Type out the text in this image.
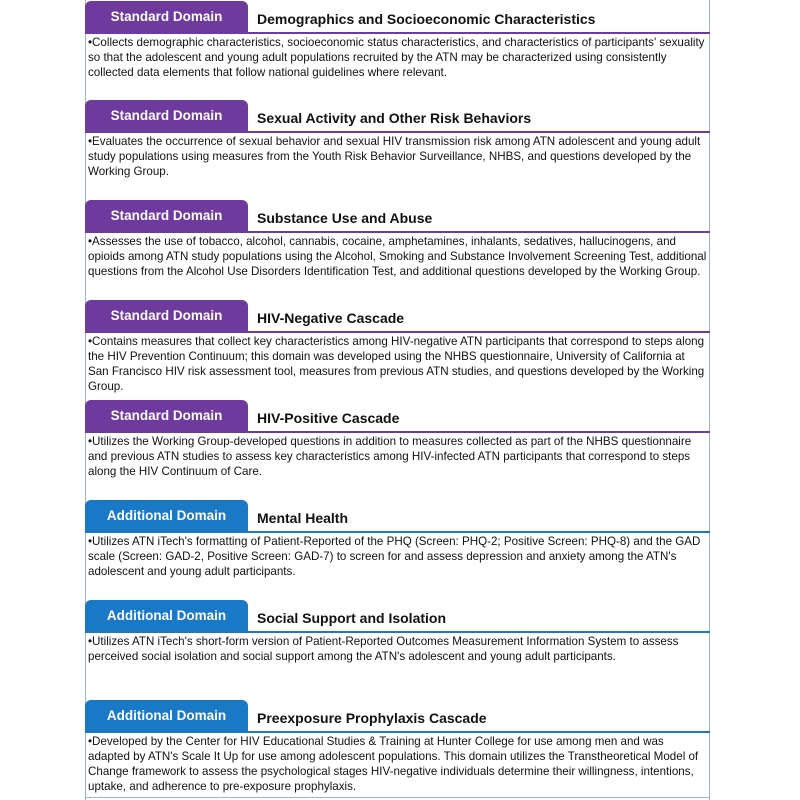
Standard Domain	Demographics and Socioeconomic Characteristics

•Collects demographic characteristics, socioeconomic status characteristics, and characteristics of participants' sexuality so that the adolescent and young adult populations recruited by the ATN may be characterized using consistently collected data elements that follow national guidelines where relevant.

Standard Domain	Sexual Activity and Other Risk Behaviors

•Evaluates the occurrence of sexual behavior and sexual HIV transmission risk among ATN adolescent and young adult study populations using measures from the Youth Risk Behavior Surveillance, NHBS, and questions developed by the Working Group.

Standard Domain	Substance Use and Abuse

•Assesses the use of tobacco, alcohol, cannabis, cocaine, amphetamines, inhalants, sedatives, hallucinogens, and opioids among ATN study populations using the Alcohol, Smoking and Substance Involvement Screening Test, additional questions from the Alcohol Use Disorders Identification Test, and additional questions developed by the Working Group.

Standard Domain	HIV-Negative Cascade

•Contains measures that collect key characteristics among HIV-negative ATN participants that correspond to steps along the HIV Prevention Continuum; this domain was developed using the NHBS questionnaire, University of California at San Francisco HIV risk assessment tool, measures from previous ATN studies, and questions developed by the Working Group.

Standard Domain	HIV-Positive Cascade

•Utilizes the Working Group-developed questions in addition to measures collected as part of the NHBS questionnaire and previous ATN studies to assess key characteristics among HIV-infected ATN participants that correspond to steps along the HIV Continuum of Care.

Additional Domain	Mental Health

•Utilizes ATN iTech's formatting of Patient-Reported of the PHQ (Screen: PHQ-2; Positive Screen: PHQ-8) and the GAD scale (Screen: GAD-2, Positive Screen: GAD-7) to screen for and assess depression and anxiety among the ATN's adolescent and young adult participants.

Additional Domain	Social Support and Isolation

•Utilizes ATN iTech's short-form version of Patient-Reported Outcomes Measurement Information System to assess perceived social isolation and social support among the ATN's adolescent and young adult participants.

Additional Domain	Preexposure Prophylaxis Cascade

•Developed by the Center for HIV Educational Studies & Training at Hunter College for use among men and was adapted by ATN's Scale It Up for use among adolescent populations. This domain utilizes the Transtheoretical Model of Change framework to assess the psychological stages HIV-negative individuals determine their willingness, intentions, uptake, and adherence to pre-exposure prophylaxis.
